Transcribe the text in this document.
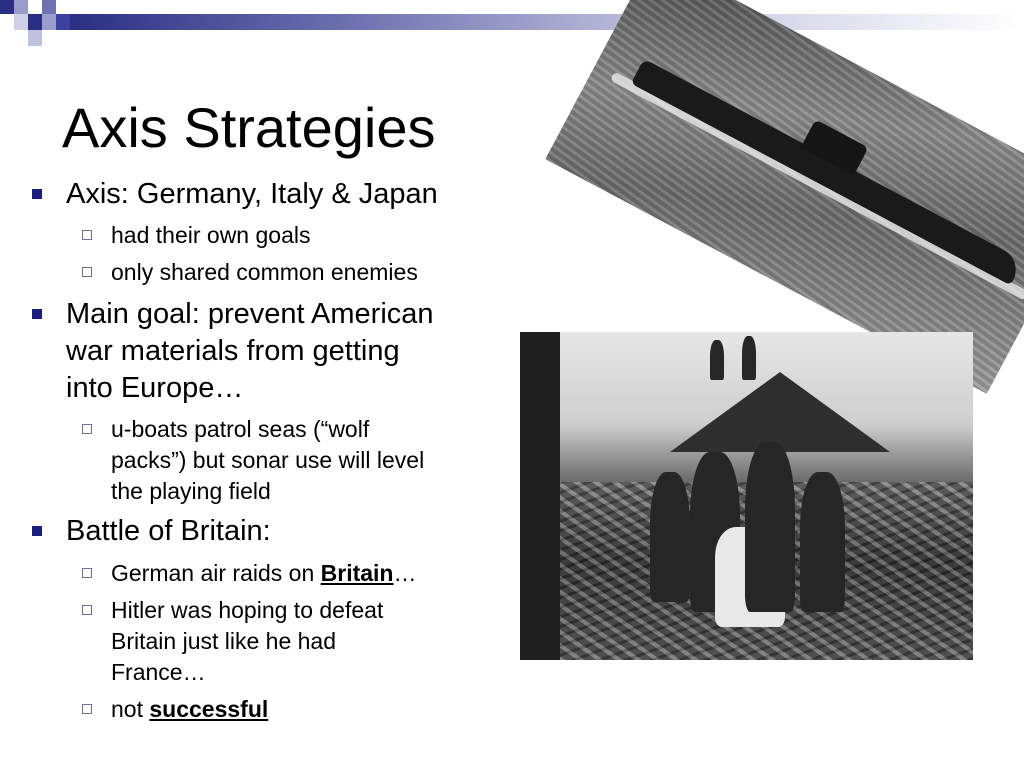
Axis Strategies
Axis: Germany, Italy & Japan
had their own goals
only shared common enemies
Main goal: prevent American
war materials from getting
into Europe…
u-boats patrol seas (“wolf
packs”) but sonar use will level
the playing field
Battle of Britain:
German air raids on Britain…
Hitler was hoping to defeat
Britain just like he had
France…
not successful
